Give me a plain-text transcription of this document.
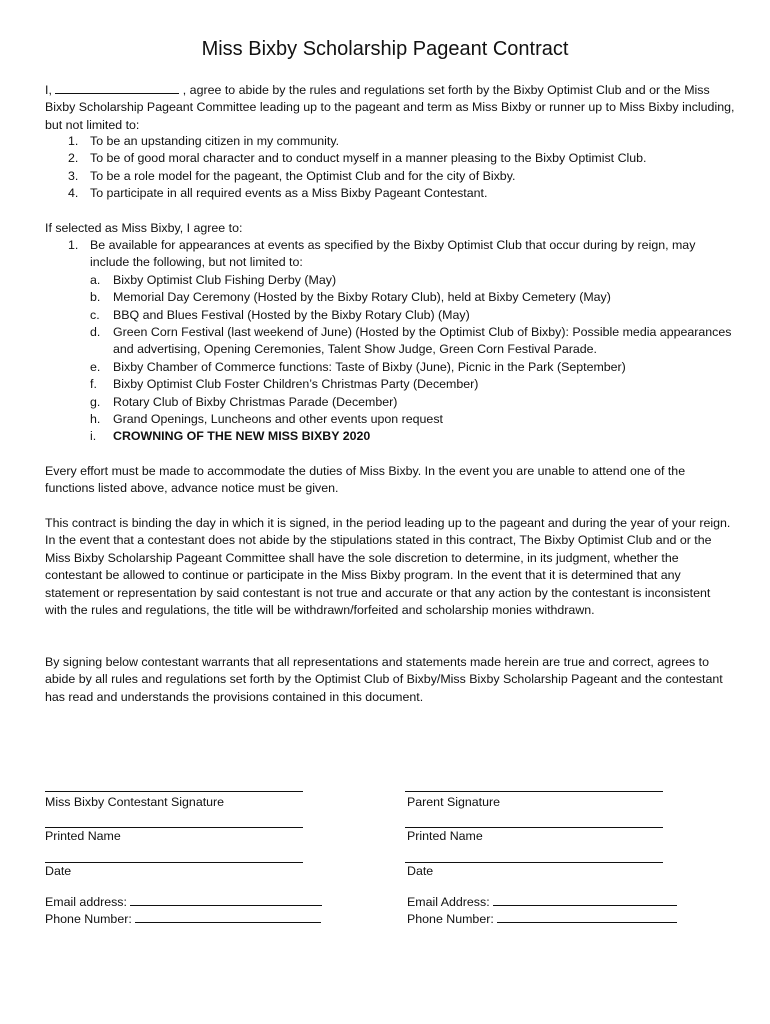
Miss Bixby Scholarship Pageant Contract
I,	, agree to abide by the rules and regulations set forth by the Bixby Optimist Club and or the Miss Bixby Scholarship Pageant Committee leading up to the pageant and term as Miss Bixby or runner up to Miss Bixby including, but not limited to:
1. To be an upstanding citizen in my community.
2. To be of good moral character and to conduct myself in a manner pleasing to the Bixby Optimist Club.
3. To be a role model for the pageant, the Optimist Club and for the city of Bixby.
4. To participate in all required events as a Miss Bixby Pageant Contestant.
If selected as Miss Bixby, I agree to:
1. Be available for appearances at events as specified by the Bixby Optimist Club that occur during by reign, may include the following, but not limited to:
a. Bixby Optimist Club Fishing Derby (May)
b. Memorial Day Ceremony (Hosted by the Bixby Rotary Club), held at Bixby Cemetery (May)
c. BBQ and Blues Festival (Hosted by the Bixby Rotary Club) (May)
d. Green Corn Festival (last weekend of June) (Hosted by the Optimist Club of Bixby): Possible media appearances and advertising, Opening Ceremonies, Talent Show Judge, Green Corn Festival Parade.
e. Bixby Chamber of Commerce functions: Taste of Bixby (June), Picnic in the Park (September)
f. Bixby Optimist Club Foster Children’s Christmas Party (December)
g. Rotary Club of Bixby Christmas Parade (December)
h. Grand Openings, Luncheons and other events upon request
i. CROWNING OF THE NEW MISS BIXBY 2020
Every effort must be made to accommodate the duties of Miss Bixby. In the event you are unable to attend one of the functions listed above, advance notice must be given.
This contract is binding the day in which it is signed, in the period leading up to the pageant and during the year of your reign. In the event that a contestant does not abide by the stipulations stated in this contract, The Bixby Optimist Club and or the Miss Bixby Scholarship Pageant Committee shall have the sole discretion to determine, in its judgment, whether the contestant be allowed to continue or participate in the Miss Bixby program. In the event that it is determined that any statement or representation by said contestant is not true and accurate or that any action by the contestant is inconsistent with the rules and regulations, the title will be withdrawn/forfeited and scholarship monies withdrawn.
By signing below contestant warrants that all representations and statements made herein are true and correct, agrees to abide by all rules and regulations set forth by the Optimist Club of Bixby/Miss Bixby Scholarship Pageant and the contestant has read and understands the provisions contained in this document.
Miss Bixby Contestant Signature
Printed Name
Date
Email address:
Phone Number:
Parent Signature
Printed Name
Date
Email Address:
Phone Number:
